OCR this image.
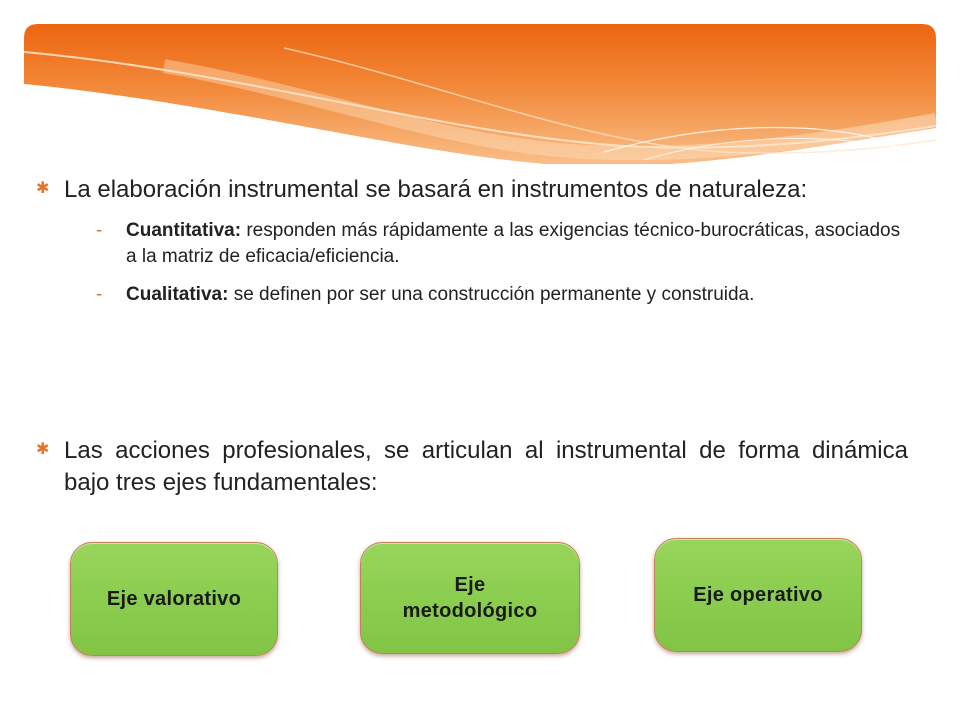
✱ La elaboración instrumental se basará en instrumentos de naturaleza:
-	Cuantitativa: responden más rápidamente a las exigencias técnico-burocráticas, asociados a la matriz de eficacia/eficiencia.
-	Cualitativa: se definen por ser una construcción permanente y construida.
✱ Las acciones profesionales, se articulan al instrumental de forma dinámica bajo tres ejes fundamentales:
Eje valorativo
Eje metodológico
Eje operativo
